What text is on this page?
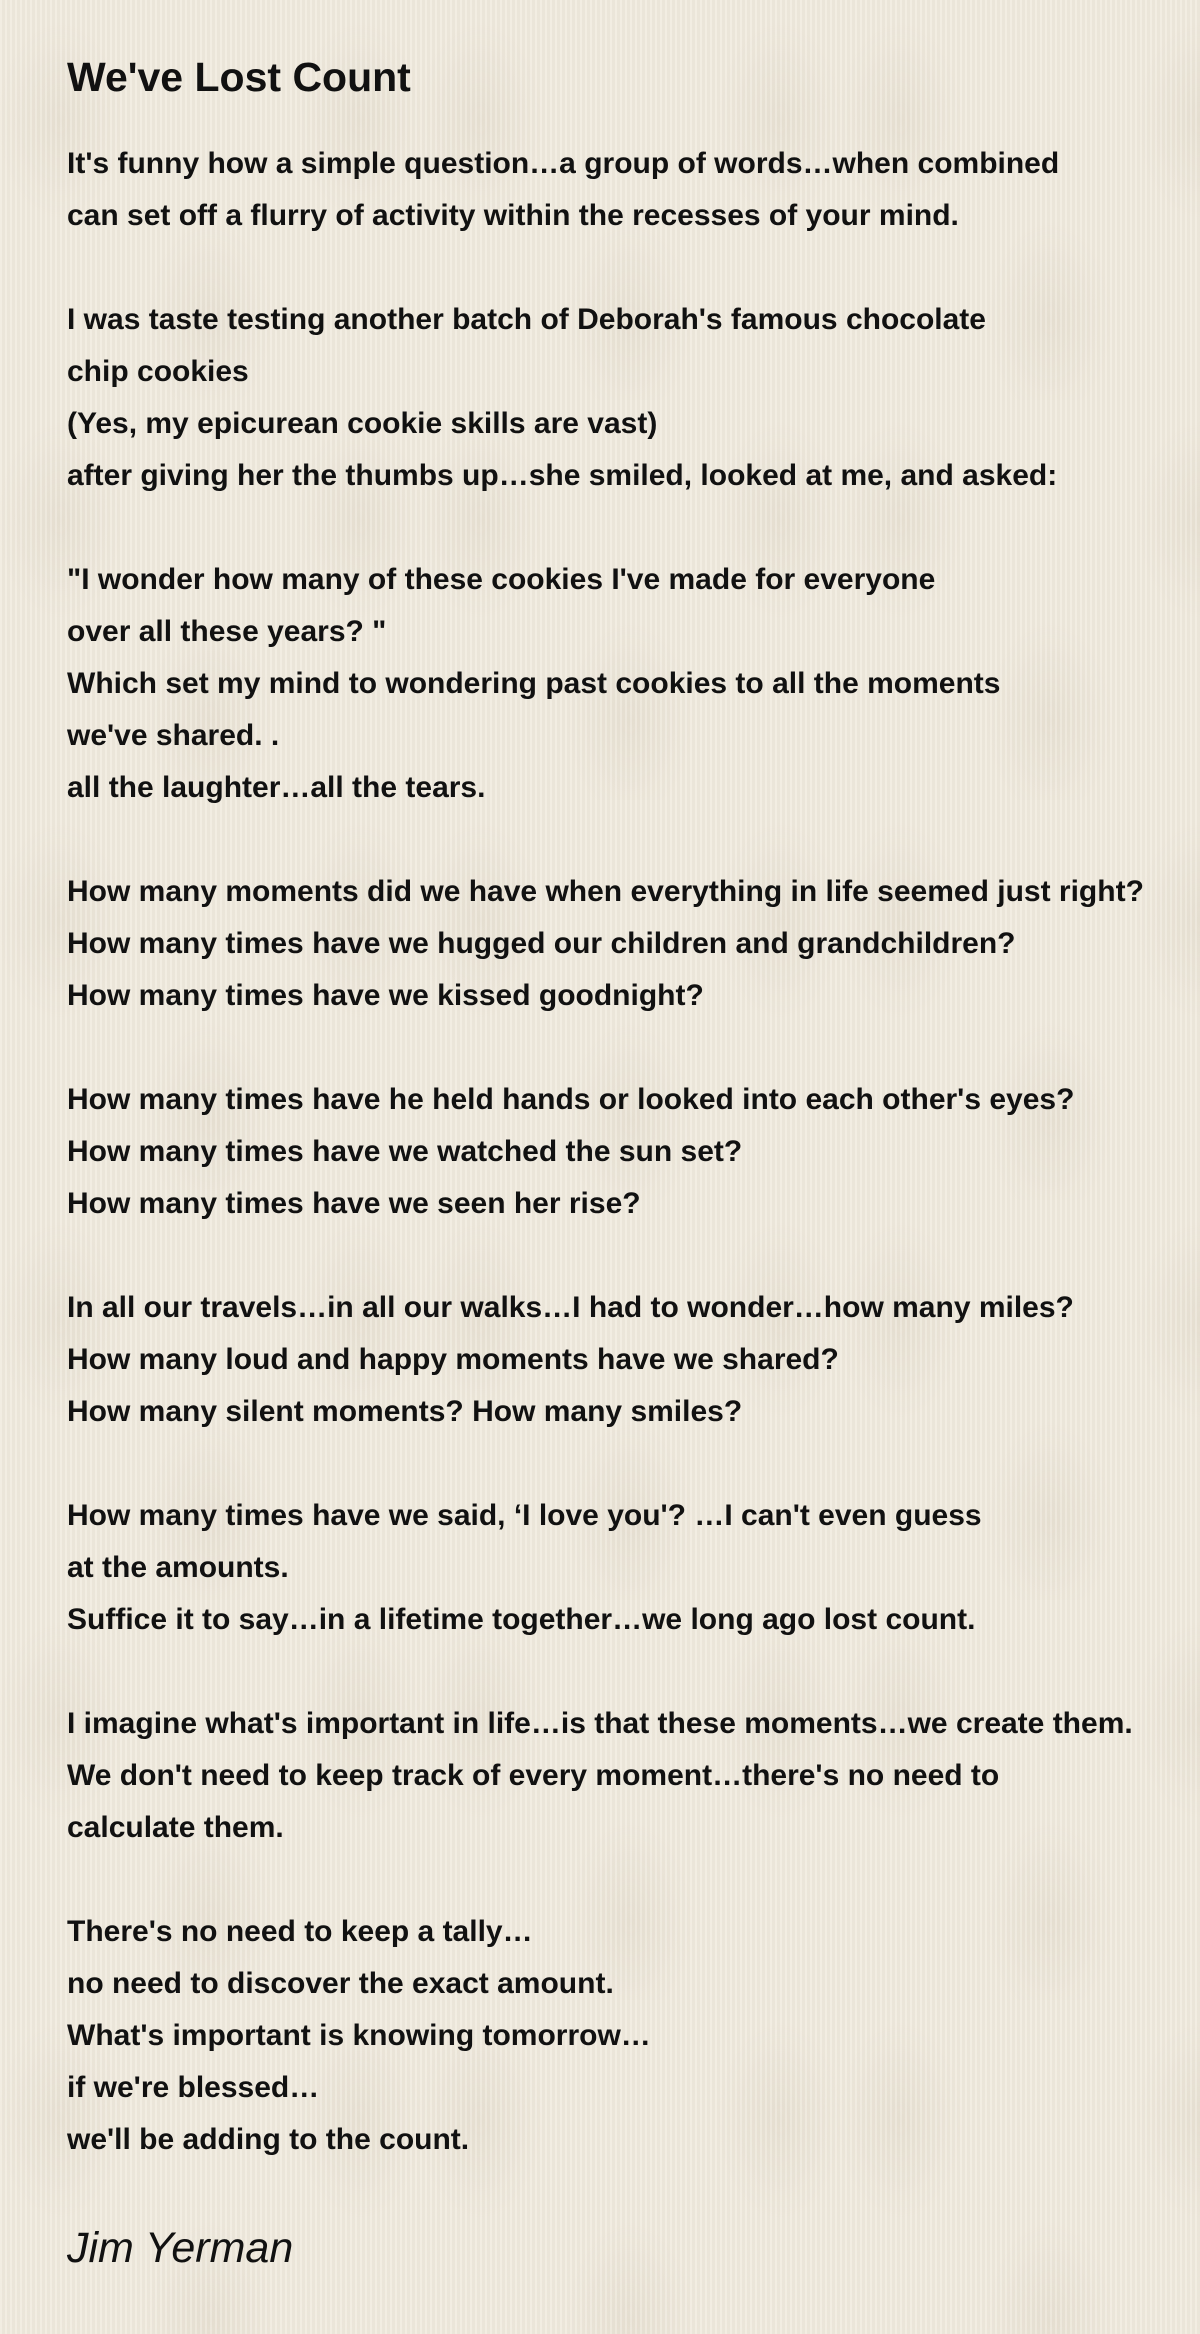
We've Lost Count
It's funny how a simple question…a group of words…when combined
can set off a flurry of activity within the recesses of your mind.
I was taste testing another batch of Deborah's famous chocolate
chip cookies
(Yes, my epicurean cookie skills are vast)
after giving her the thumbs up…she smiled, looked at me, and asked:
"I wonder how many of these cookies I've made for everyone
over all these years? "
Which set my mind to wondering past cookies to all the moments
we've shared. .
all the laughter…all the tears.
How many moments did we have when everything in life seemed just right?
How many times have we hugged our children and grandchildren?
How many times have we kissed goodnight?
How many times have he held hands or looked into each other's eyes?
How many times have we watched the sun set?
How many times have we seen her rise?
In all our travels…in all our walks…I had to wonder…how many miles?
How many loud and happy moments have we shared?
How many silent moments? How many smiles?
How many times have we said, ‘I love you'? …I can't even guess
at the amounts.
Suffice it to say…in a lifetime together…we long ago lost count.
I imagine what's important in life…is that these moments…we create them.
We don't need to keep track of every moment…there's no need to
calculate them.
There's no need to keep a tally…
no need to discover the exact amount.
What's important is knowing tomorrow…
if we're blessed…
we'll be adding to the count.
Jim Yerman
